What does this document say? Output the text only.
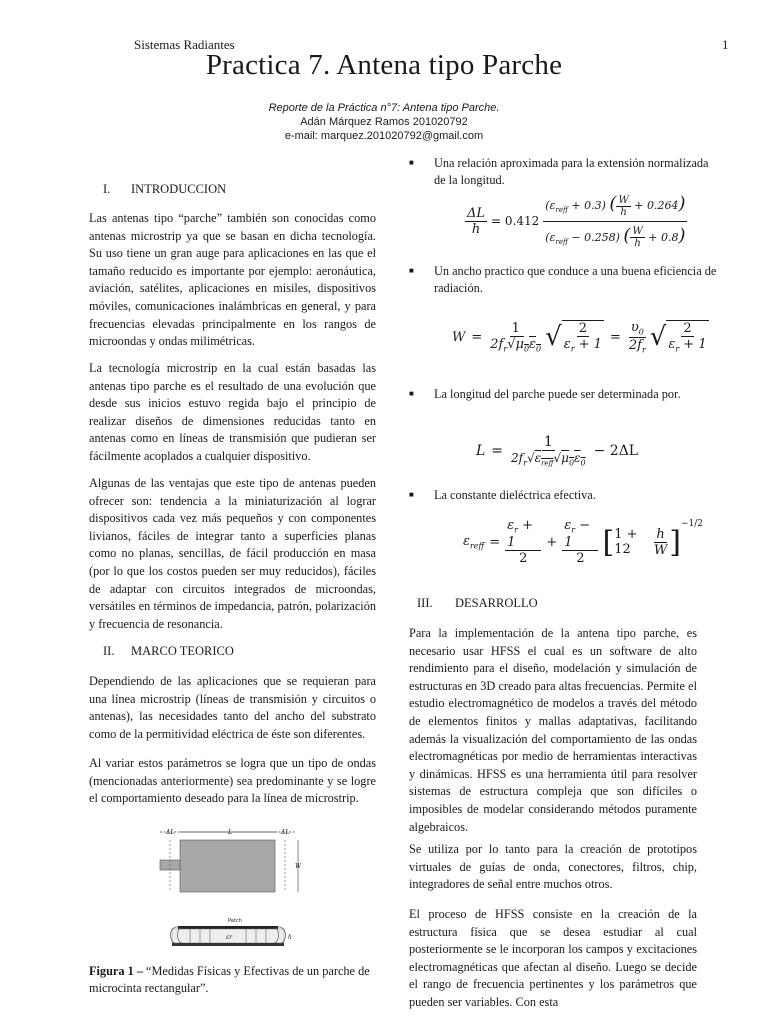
Sistemas Radiantes	1
Practica 7. Antena tipo Parche
Reporte de la Práctica n°7: Antena tipo Parche.
Adán Márquez Ramos 201020792
e-mail: marquez.201020792@gmail.com
I. INTRODUCCION

Las antenas tipo “parche” también son conocidas como antenas microstrip ya que se basan en dicha tecnología. Su uso tiene un gran auge para aplicaciones en las que el tamaño reducido es importante por ejemplo: aeronáutica, aviación, satélites, aplicaciones en misiles, dispositivos móviles, comunicaciones inalámbricas en general, y para frecuencias elevadas principalmente en los rangos de microondas y ondas milimétricas.

La tecnología microstrip en la cual están basadas las antenas tipo parche es el resultado de una evolución que desde sus inicios estuvo regida bajo el principio de realizar diseños de dimensiones reducidas tanto en antenas como en líneas de transmisión que pudieran ser fácilmente acoplados a cualquier dispositivo.

Algunas de las ventajas que este tipo de antenas pueden ofrecer son: tendencia a la miniaturización al lograr dispositivos cada vez más pequeños y con componentes livianos, fáciles de integrar tanto a superficies planas como no planas, sencillas, de fácil producción en masa (por lo que los costos pueden ser muy reducidos), fáciles de adaptar con circuitos integrados de microondas, versátiles en términos de impedancia, patrón, polarización y frecuencia de resonancia.

II. MARCO TEORICO

Dependiendo de las aplicaciones que se requieran para una línea microstrip (líneas de transmisión y circuitos o antenas), las necesidades tanto del ancho del substrato como de la permitividad eléctrica de éste son diferentes.

Al variar estos parámetros se logra que un tipo de ondas (mencionadas anteriormente) sea predominante y se logre el comportamiento deseado para la línea de microstrip.

ΔL	L	ΔL
W
Patch
εr	h
Figura 1 – “Medidas Físicas y Efectivas de un parche de microcinta rectangular”.

■ Una relación aproximada para la extensión normalizada de la longitud.

$\frac{\Delta L}{h} = 0.412$
$(\varepsilon_{reff} + 0.3)$ ( $\frac{W}{h} + 0.264$)
$(\varepsilon_{reff} - 0.258)$ ( $\frac{W}{h} + 0.8$)

■ Un ancho practico que conduce a una buena eficiencia de radiación.

$W = \frac{1}{2f_r√\mu_0\varepsilon_0}$ √ $\frac{2}{\varepsilon_r + 1} = \frac{\upsilon_0}{2f_r}$ √ 2
$\varepsilon_r + 1$

■ La longitud del parche puede ser determinada por.

L =
1
$2f_r√\varepsilon_{reff}√\mu_0\varepsilon_0$
− 2ΔL

■ La constante dieléctrica efectiva.

$\varepsilon_{reff} = \frac{\varepsilon_r + 1}{2} + \frac{\varepsilon_r - 1}{2}$ [ 1 + 12
h
W ]
−1/2
III. DESARROLLO

Para la implementación de la antena tipo parche, es necesario usar HFSS el cual es un software de alto rendimiento para el diseño, modelación y simulación de estructuras en 3D creado para altas frecuencias. Permite el estudio electromagnético de modelos a través del método de elementos finitos y mallas adaptativas, facilitando además la visualización del comportamiento de las ondas electromagnéticas por medio de herramientas interactivas y dinámicas. HFSS es una herramienta útil para resolver sistemas de estructura compleja que son difíciles o imposibles de modelar considerando métodos puramente algebraicos.

Se utiliza por lo tanto para la creación de prototipos virtuales de guías de onda, conectores, filtros, chip, integradores de señal entre muchos otros.

El proceso de HFSS consiste en la creación de la estructura física que se desea estudiar al cual posteriormente se le incorporan los campos y excitaciones electromagnéticas que afectan al diseño. Luego se decide el rango de frecuencia pertinentes y los parámetros que pueden ser variables. Con esta
